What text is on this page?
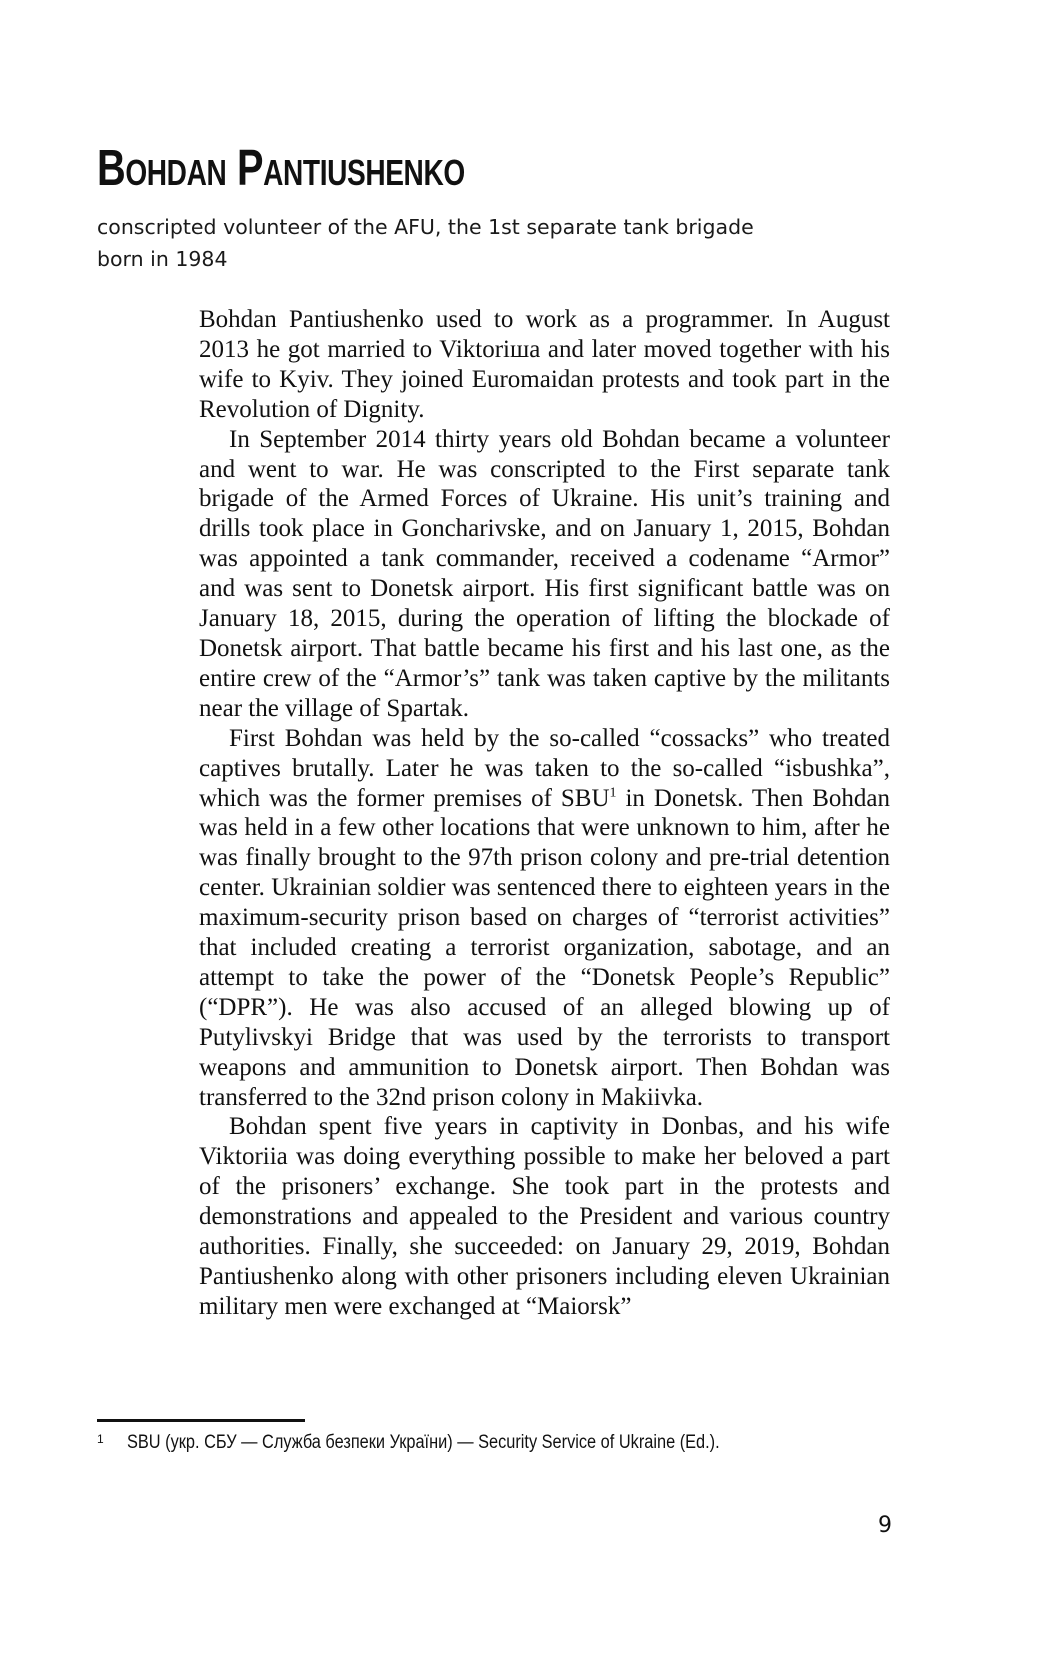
Bohdan Pantiushenko
conscripted volunteer of the AFU, the 1st separate tank brigade
born in 1984

Bohdan Pantiushenko used to work as a programmer. In August 2013 he got married to Viktoriша and later moved together with his wife to Kyiv. They joined Euromaidan protests and took part in the Revolution of Dignity.

In September 2014 thirty years old Bohdan became a volunteer and went to war. He was conscripted to the First separate tank brigade of the Armed Forces of Ukraine. His unit’s training and drills took place in Goncharivske, and on January 1, 2015, Bohdan was appointed a tank commander, received a codename “Armor” and was sent to Donetsk airport. His first significant battle was on January 18, 2015, during the operation of lifting the blockade of Donetsk airport. That battle became his first and his last one, as the entire crew of the “Armor’s” tank was taken captive by the militants near the village of Spartak.

First Bohdan was held by the so-called “cossacks” who treated captives brutally. Later he was taken to the so-called “isbushka”, which was the former premises of SBU$^1$ in Donetsk. Then Bohdan was held in a few other locations that were unknown to him, after he was finally brought to the 97th prison colony and pre-trial detention center. Ukrainian soldier was sentenced there to eighteen years in the maximum-security prison based on charges of “terrorist activities” that included creating a terrorist organization, sabotage, and an attempt to take the power of the “Donetsk People’s Republic” (“DPR”). He was also accused of an alleged blowing up of Putylivskyi Bridge that was used by the terrorists to transport weapons and ammunition to Donetsk airport. Then Bohdan was transferred to the 32nd prison colony in Makiivka.

Bohdan spent five years in captivity in Donbas, and his wife Viktoriia was doing everything possible to make her beloved a part of the prisoners’ exchange. She took part in the protests and demonstrations and appealed to the President and various country authorities. Finally, she succeeded: on January 29, 2019, Bohdan Pantiushenko along with other prisoners including eleven Ukrainian military men were exchanged at “Maiorsk”

1 SBU (укр. СБУ — Служба безпеки України) — Security Service of Ukraine (Ed.).
9
